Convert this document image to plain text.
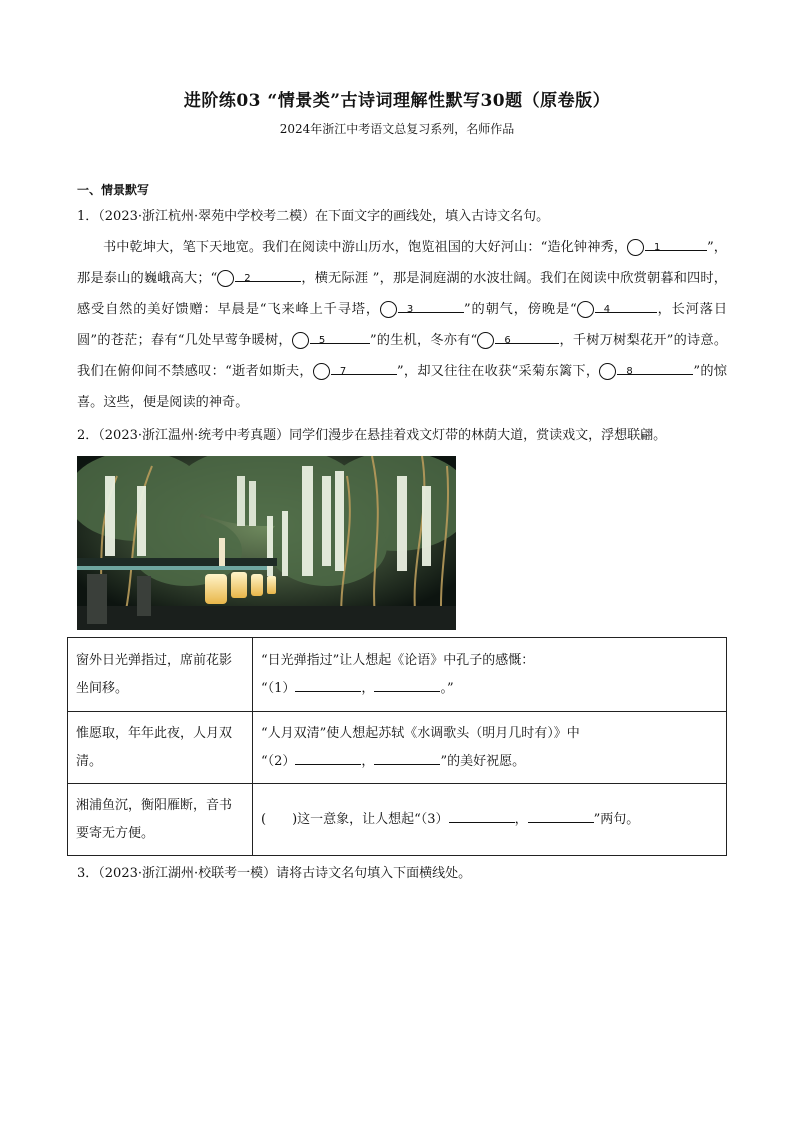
进阶练03 “情景类”古诗词理解性默写30题（原卷版）
2024年浙江中考语文总复习系列，名师作品
一、情景默写
1．（2023·浙江杭州·翠苑中学校考二模）在下面文字的画线处，填入古诗文名句。

书中乾坤大，笔下天地宽。我们在阅读中游山历水，饱览祖国的大好河山：“造化钟神秀，	1	”，那是泰山的巍峨高大；“	2	，横无际涯 ”，那是洞庭湖的水波壮阔。我们在阅读中欣赏朝暮和四时，感受自然的美好馈赠：早晨是“飞来峰上千寻塔，	3	”的朝气，傍晚是“	4	，长河落日圆”的苍茫；春有“几处早莺争暖树，	5	”的生机，冬亦有“	6	，千树万树梨花开”的诗意。我们在俯仰间不禁感叹：“逝者如斯夫，	7	”，却又往往在收获“采菊东篱下，	8	”的惊喜。这些，便是阅读的神奇。

2．（2023·浙江温州·统考中考真题）同学们漫步在悬挂着戏文灯带的林荫大道，赏读戏文，浮想联翩。
窗外日光弹指过，席前花影坐间移。	“日光弹指过”让人想起《论语》中孔子的感慨：
“（1） ， 。”

惟愿取，年年此夜，人月双清。	“人月双清”使人想起苏轼《水调歌头（明月几时有）》中
“（2） ， ”的美好祝愿。

湘浦鱼沉，衡阳雁断，音书要寄无方便。	(　　)这一意象，让人想起“（3） ， ”两句。
3．（2023·浙江湖州·校联考一模）请将古诗文名句填入下面横线处。
